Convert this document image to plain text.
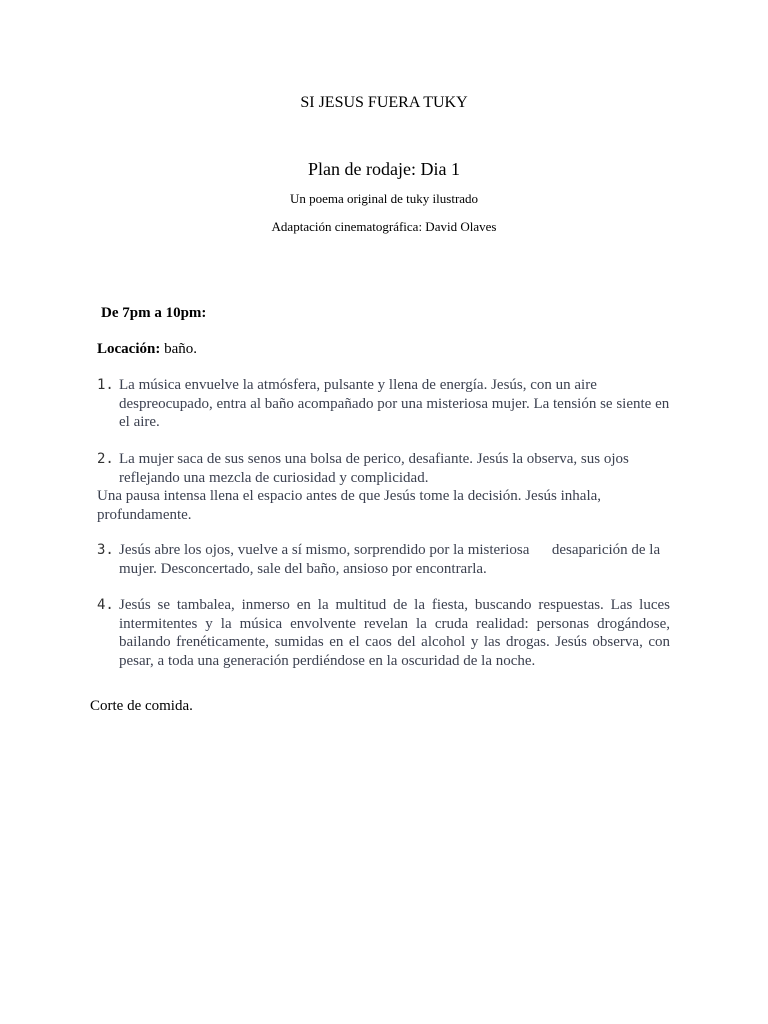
SI JESUS FUERA TUKY
Plan de rodaje: Dia 1
Un poema original de tuky ilustrado
Adaptación cinematográfica: David Olaves
De 7pm a 10pm:
Locación: baño.
1. La música envuelve la atmósfera, pulsante y llena de energía. Jesús, con un aire despreocupado, entra al baño acompañado por una misteriosa mujer. La tensión se siente en el aire.
2. La mujer saca de sus senos una bolsa de perico, desafiante. Jesús la observa, sus ojos reflejando una mezcla de curiosidad y complicidad.
Una pausa intensa llena el espacio antes de que Jesús tome la decisión. Jesús inhala, profundamente.
3. Jesús abre los ojos, vuelve a sí mismo, sorprendido por la misteriosa      desaparición de la mujer. Desconcertado, sale del baño, ansioso por encontrarla.
4. Jesús se tambalea, inmerso en la multitud de la fiesta, buscando respuestas. Las luces intermitentes y la música envolvente revelan la cruda realidad: personas drogándose, bailando frenéticamente, sumidas en el caos del alcohol y las drogas. Jesús observa, con pesar, a toda una generación perdiéndose en la oscuridad de la noche.
Corte de comida.
